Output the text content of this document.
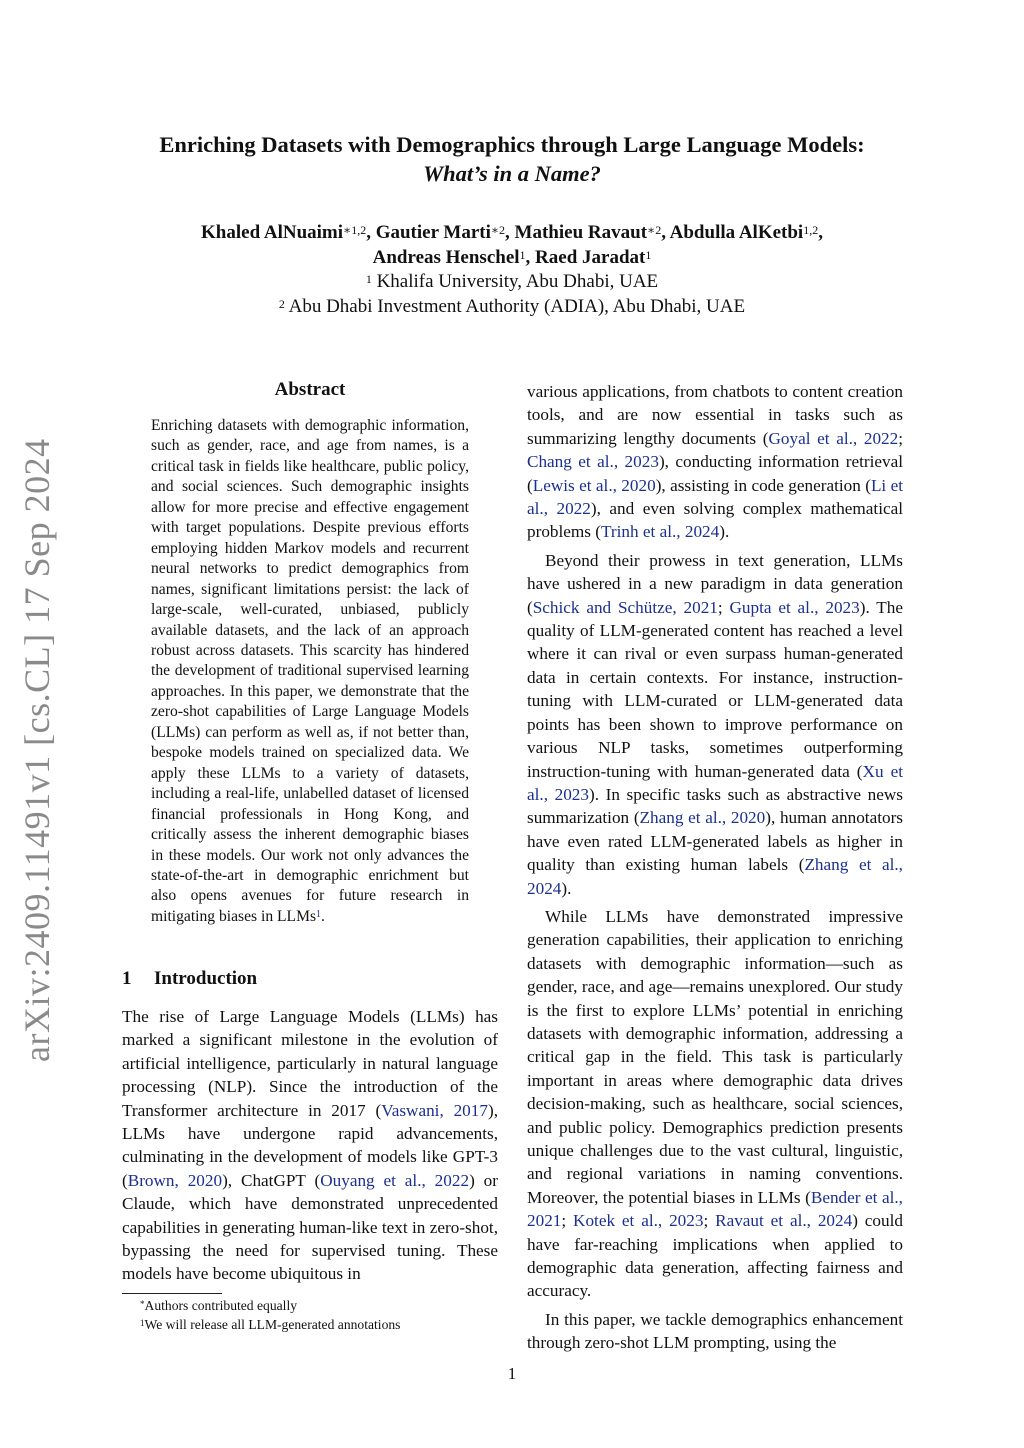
arXiv:2409.11491v1 [cs.CL] 17 Sep 2024
Enriching Datasets with Demographics through Large Language Models:
What’s in a Name?
Khaled AlNuaimi$^{∗1,2}$, Gautier Marti$^{∗2}$, Mathieu Ravaut$^{∗2}$, Abdulla AlKetbi$^{1,2}$,
Andreas Henschel$^1$, Raed Jaradat$^1$
$^1$ Khalifa University, Abu Dhabi, UAE
$^2$ Abu Dhabi Investment Authority (ADIA), Abu Dhabi, UAE
Abstract
Enriching datasets with demographic information, such as gender, race, and age from names, is a critical task in fields like healthcare, public policy, and social sciences. Such demographic insights allow for more precise and effective engagement with target populations. Despite previous efforts employing hidden Markov models and recurrent neural networks to predict demographics from names, significant limitations persist: the lack of large-scale, well-curated, unbiased, publicly available datasets, and the lack of an approach robust across datasets. This scarcity has hindered the development of traditional supervised learning approaches. In this paper, we demonstrate that the zero-shot capabilities of Large Language Models (LLMs) can perform as well as, if not better than, bespoke models trained on specialized data. We apply these LLMs to a variety of datasets, including a real-life, unlabelled dataset of licensed financial professionals in Hong Kong, and critically assess the inherent demographic biases in these models. Our work not only advances the state-of-the-art in demographic enrichment but also opens avenues for future research in mitigating biases in LLMs$^1$.
1 Introduction
The rise of Large Language Models (LLMs) has marked a significant milestone in the evolution of artificial intelligence, particularly in natural language processing (NLP). Since the introduction of the Transformer architecture in 2017 (Vaswani, 2017), LLMs have undergone rapid advancements, culminating in the development of models like GPT-3 (Brown, 2020), ChatGPT (Ouyang et al., 2022) or Claude, which have demonstrated unprecedented capabilities in generating human-like text in zero-shot, bypassing the need for supervised tuning. These models have become ubiquitous in

various applications, from chatbots to content creation tools, and are now essential in tasks such as summarizing lengthy documents (Goyal et al., 2022; Chang et al., 2023), conducting information retrieval (Lewis et al., 2020), assisting in code generation (Li et al., 2022), and even solving complex mathematical problems (Trinh et al., 2024).

Beyond their prowess in text generation, LLMs have ushered in a new paradigm in data generation (Schick and Schütze, 2021; Gupta et al., 2023). The quality of LLM-generated content has reached a level where it can rival or even surpass human-generated data in certain contexts. For instance, instruction-tuning with LLM-curated or LLM-generated data points has been shown to improve performance on various NLP tasks, sometimes outperforming instruction-tuning with human-generated data (Xu et al., 2023). In specific tasks such as abstractive news summarization (Zhang et al., 2020), human annotators have even rated LLM-generated labels as higher in quality than existing human labels (Zhang et al., 2024).

While LLMs have demonstrated impressive generation capabilities, their application to enriching datasets with demographic information—such as gender, race, and age—remains unexplored. Our study is the first to explore LLMs’ potential in enriching datasets with demographic information, addressing a critical gap in the field. This task is particularly important in areas where demographic data drives decision-making, such as healthcare, social sciences, and public policy. Demographics prediction presents unique challenges due to the vast cultural, linguistic, and regional variations in naming conventions. Moreover, the potential biases in LLMs (Bender et al., 2021; Kotek et al., 2023; Ravaut et al., 2024) could have far-reaching implications when applied to demographic data generation, affecting fairness and accuracy.

In this paper, we tackle demographics enhancement through zero-shot LLM prompting, using the

*Authors contributed equally
$^1$We will release all LLM-generated annotations
1
